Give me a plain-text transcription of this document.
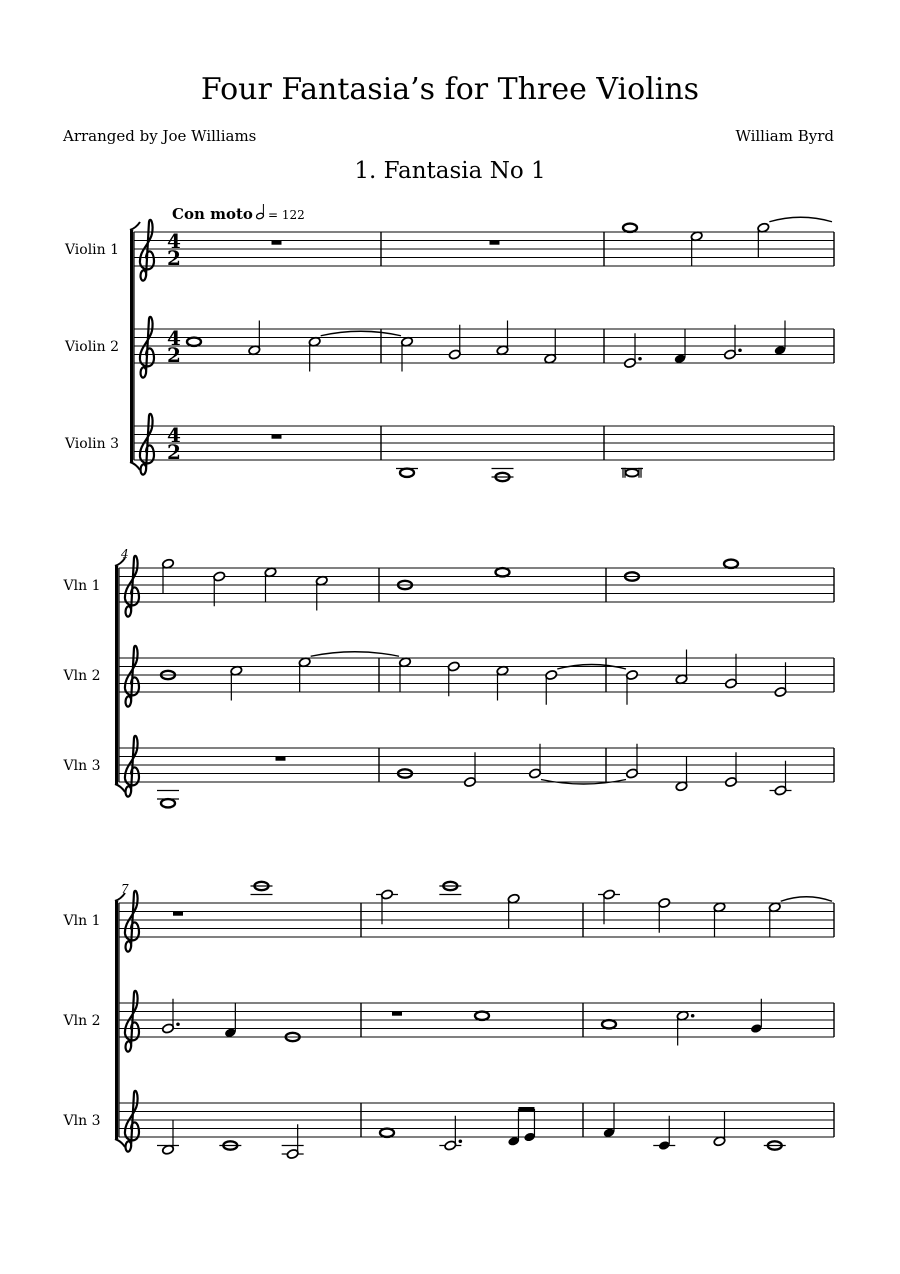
Four Fantasia’s for Three Violins
Arranged by Joe Williams	William Byrd
1. Fantasia No 1
Con moto = 122
Violin 1 4
2
Violin 2 4
2
Violin 3 4
2
4
Vln 1
Vln 2
Vln 3
7
Vln 1
Vln 2
Vln 3
